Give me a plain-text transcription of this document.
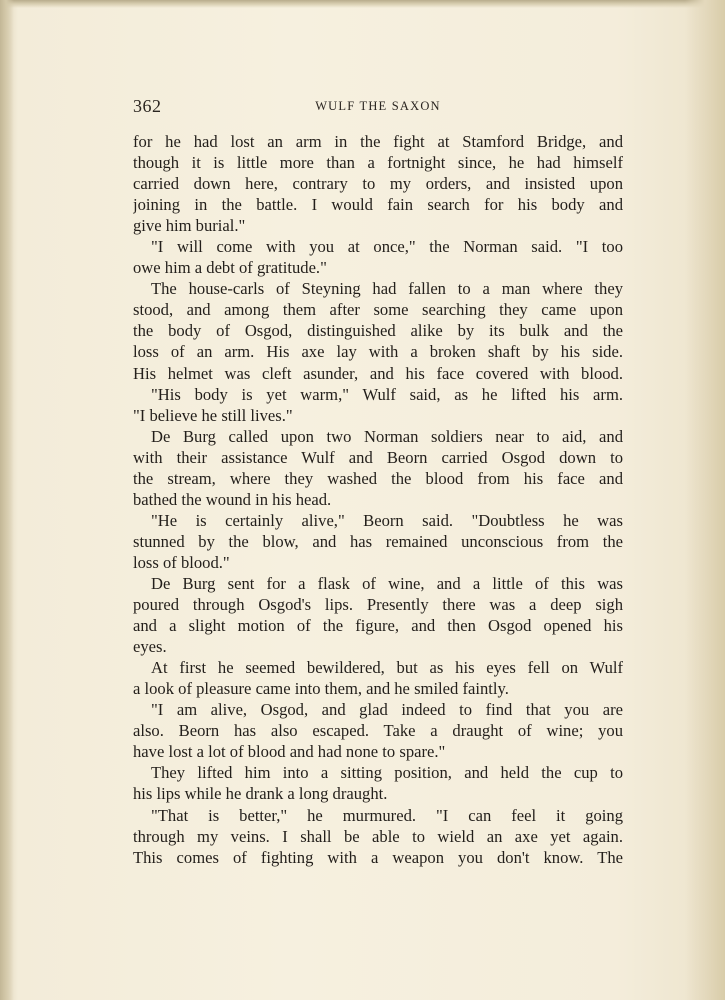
362	WULF THE SAXON
for he had lost an arm in the fight at Stamford Bridge, and
though it is little more than a fortnight since, he had himself
carried down here, contrary to my orders, and insisted upon
joining in the battle. I would fain search for his body and
give him burial."
"I will come with you at once," the Norman said. "I too
owe him a debt of gratitude."
The house-carls of Steyning had fallen to a man where they
stood, and among them after some searching they came upon
the body of Osgod, distinguished alike by its bulk and the
loss of an arm. His axe lay with a broken shaft by his side.
His helmet was cleft asunder, and his face covered with blood.
"His body is yet warm," Wulf said, as he lifted his arm.
"I believe he still lives."
De Burg called upon two Norman soldiers near to aid, and
with their assistance Wulf and Beorn carried Osgod down to
the stream, where they washed the blood from his face and
bathed the wound in his head.
"He is certainly alive," Beorn said. "Doubtless he was
stunned by the blow, and has remained unconscious from the
loss of blood."
De Burg sent for a flask of wine, and a little of this was
poured through Osgod's lips. Presently there was a deep sigh
and a slight motion of the figure, and then Osgod opened his
eyes.
At first he seemed bewildered, but as his eyes fell on Wulf
a look of pleasure came into them, and he smiled faintly.
"I am alive, Osgod, and glad indeed to find that you are
also. Beorn has also escaped. Take a draught of wine; you
have lost a lot of blood and had none to spare."
They lifted him into a sitting position, and held the cup to
his lips while he drank a long draught.
"That is better," he murmured. "I can feel it going
through my veins. I shall be able to wield an axe yet again.
This comes of fighting with a weapon you don't know. The
